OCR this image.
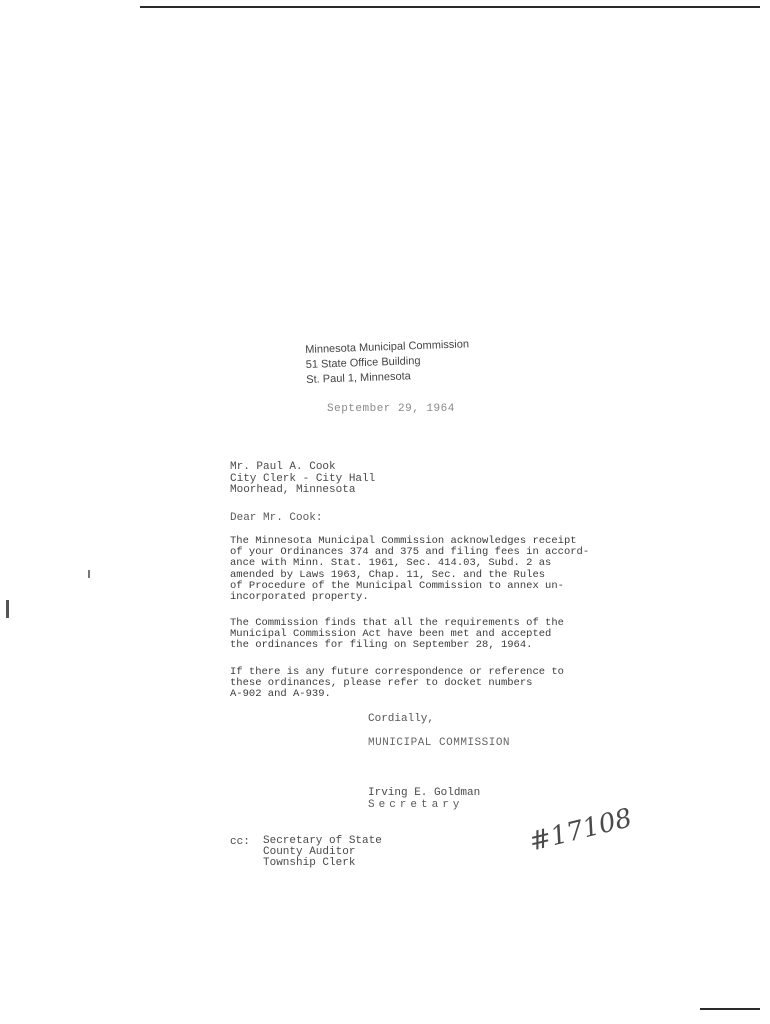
Minnesota Municipal Commission
51 State Office Building
St. Paul 1, Minnesota
September 29, 1964
Mr. Paul A. Cook
City Clerk - City Hall
Moorhead, Minnesota
Dear Mr. Cook:
The Minnesota Municipal Commission acknowledges receipt
of your Ordinances 374 and 375 and filing fees in accord-
ance with Minn. Stat. 1961, Sec. 414.03, Subd. 2 as
amended by Laws 1963, Chap. 11, Sec. and the Rules
of Procedure of the Municipal Commission to annex un-
incorporated property.
The Commission finds that all the requirements of the
Municipal Commission Act have been met and accepted
the ordinances for filing on September 28, 1964.
If there is any future correspondence or reference to
these ordinances, please refer to docket numbers
A-902 and A-939.
Cordially,
MUNICIPAL COMMISSION
Irving E. Goldman
Secretary
cc: Secretary of State
County Auditor
Township Clerk
#17108
